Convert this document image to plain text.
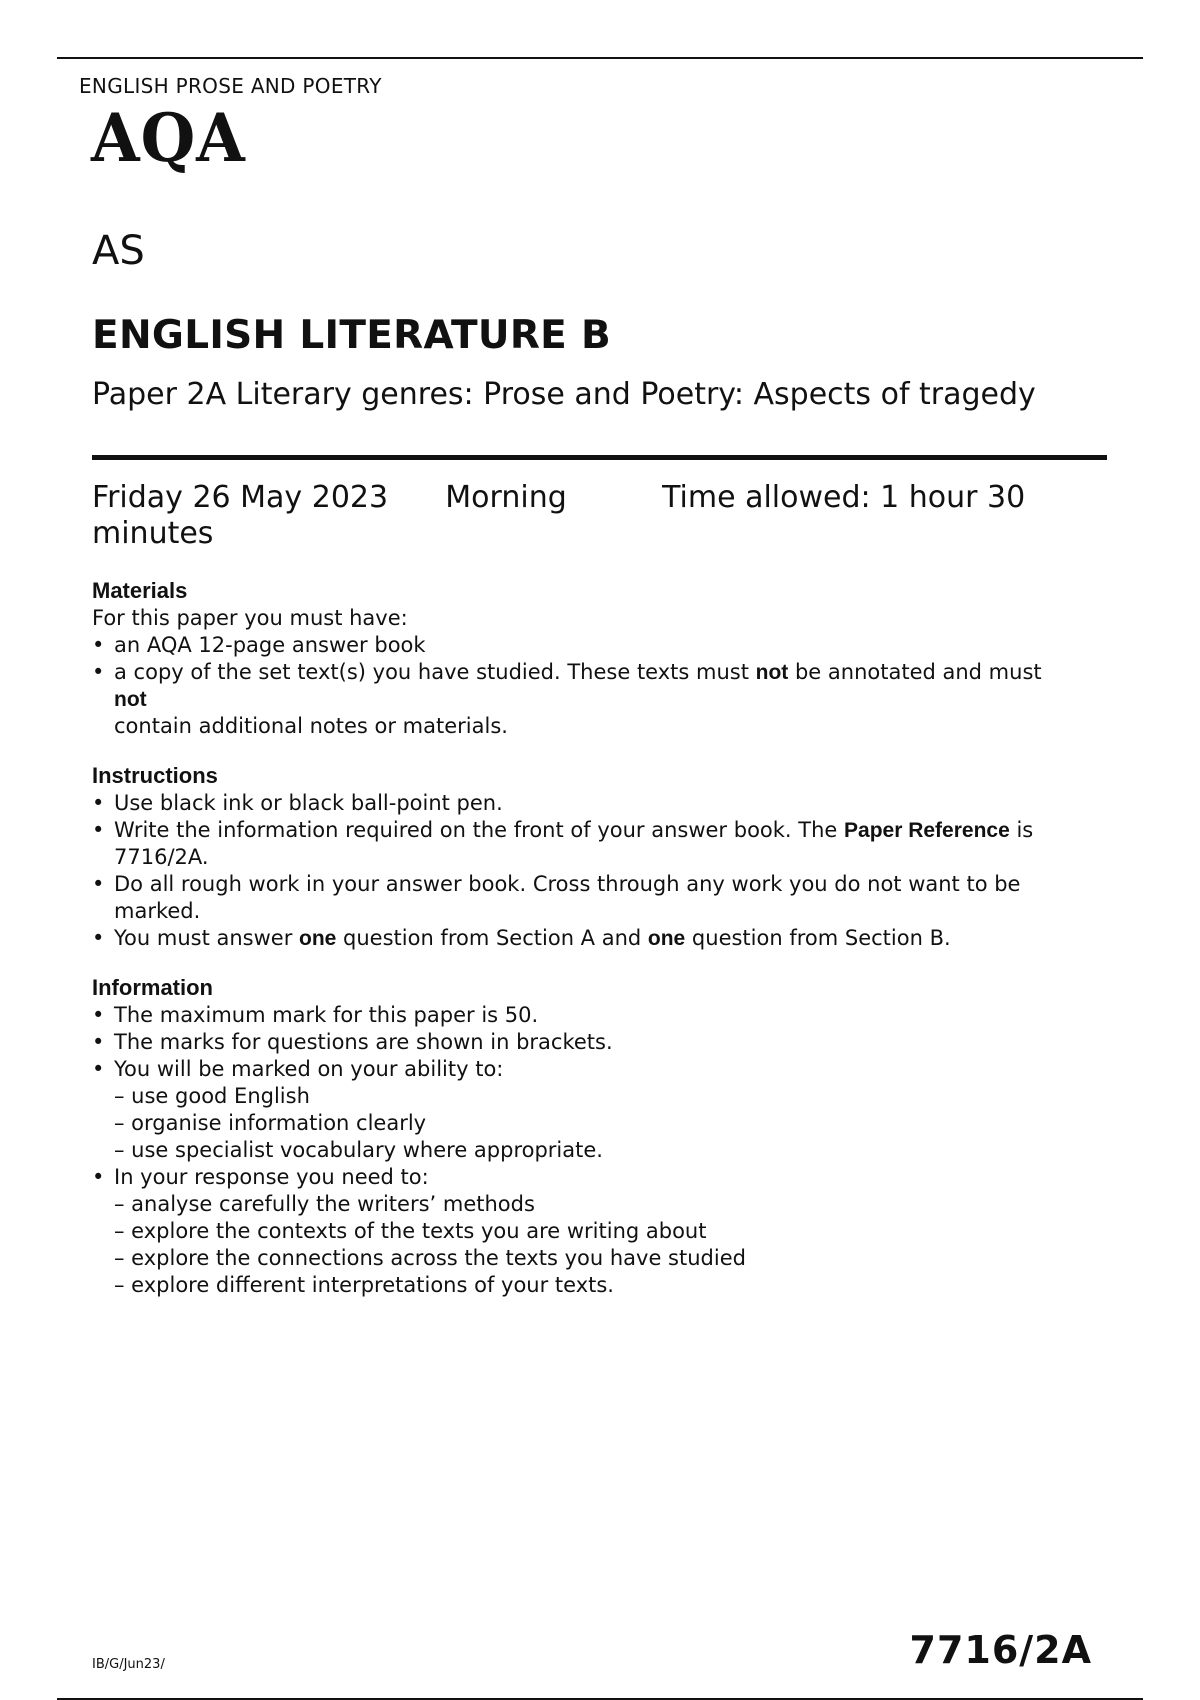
ENGLISH PROSE AND POETRY
AQA
AS
ENGLISH LITERATURE B
Paper 2A Literary genres: Prose and Poetry: Aspects of tragedy
Friday 26 May 2023 Morning	Time allowed: 1 hour 30 minutes
Materials
For this paper you must have:
• an AQA 12-page answer book
• a copy of the set text(s) you have studied. These texts must not be annotated and must
not
contain additional notes or materials.
Instructions
• Use black ink or black ball-point pen.
• Write the information required on the front of your answer book. The Paper Reference is 7716/2A.
• Do all rough work in your answer book. Cross through any work you do not want to be marked.
• You must answer one question from Section A and one question from Section B.
Information
• The maximum mark for this paper is 50.
• The marks for questions are shown in brackets.
• You will be marked on your ability to:
– use good English
– organise information clearly
– use specialist vocabulary where appropriate.
• In your response you need to:
– analyse carefully the writers’ methods
– explore the contexts of the texts you are writing about
– explore the connections across the texts you have studied
– explore different interpretations of your texts.
IB/G/Jun23/	7716/2A
